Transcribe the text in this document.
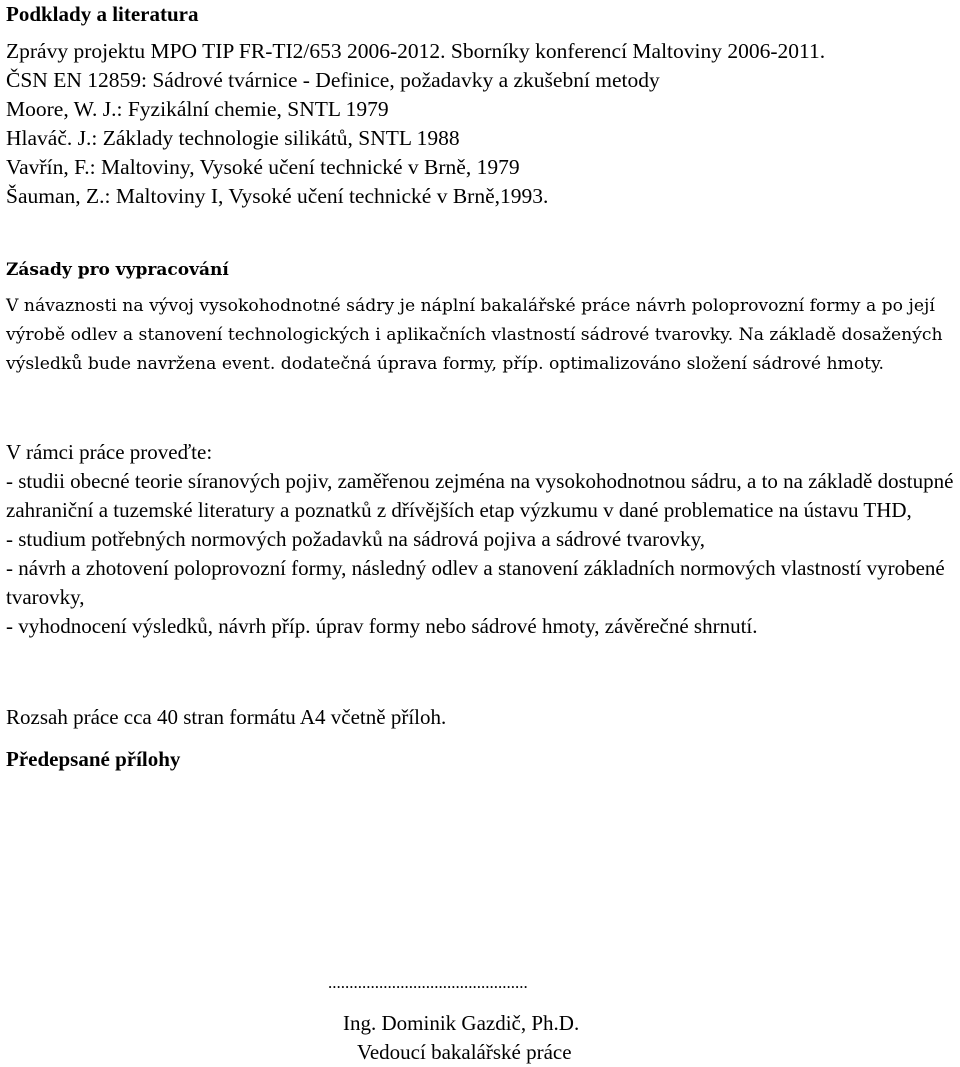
Podklady a literatura
Zprávy projektu MPO TIP FR-TI2/653 2006-2012. Sborníky konferencí Maltoviny 2006-2011.
ČSN EN 12859: Sádrové tvárnice - Definice, požadavky a zkušební metody
Moore, W. J.: Fyzikální chemie, SNTL 1979
Hlaváč. J.: Základy technologie silikátů, SNTL 1988
Vavřín, F.: Maltoviny, Vysoké učení technické v Brně, 1979
Šauman, Z.: Maltoviny I, Vysoké učení technické v Brně,1993.
Zásady pro vypracování

V návaznosti na vývoj vysokohodnotné sádry je náplní bakalářské práce návrh poloprovozní formy a po její výrobě odlev a stanovení technologických i aplikačních vlastností sádrové tvarovky. Na základě dosažených výsledků bude navržena event. dodatečná úprava formy, příp. optimalizováno složení sádrové hmoty.

V rámci práce proveďte:

- studii obecné teorie síranových pojiv, zaměřenou zejména na vysokohodnotnou sádru, a to na základě dostupné zahraniční a tuzemské literatury a poznatků z dřívějších etap výzkumu v dané problematice na ústavu THD,

- studium potřebných normových požadavků na sádrová pojiva a sádrové tvarovky,

- návrh a zhotovení poloprovozní formy, následný odlev a stanovení základních normových vlastností vyrobené tvarovky,

- vyhodnocení výsledků, návrh příp. úprav formy nebo sádrové hmoty, závěrečné shrnutí.

Rozsah práce cca 40 stran formátu A4 včetně příloh.

Předepsané přílohy
...............................................
Ing. Dominik Gazdič, Ph.D.
Vedoucí bakalářské práce
